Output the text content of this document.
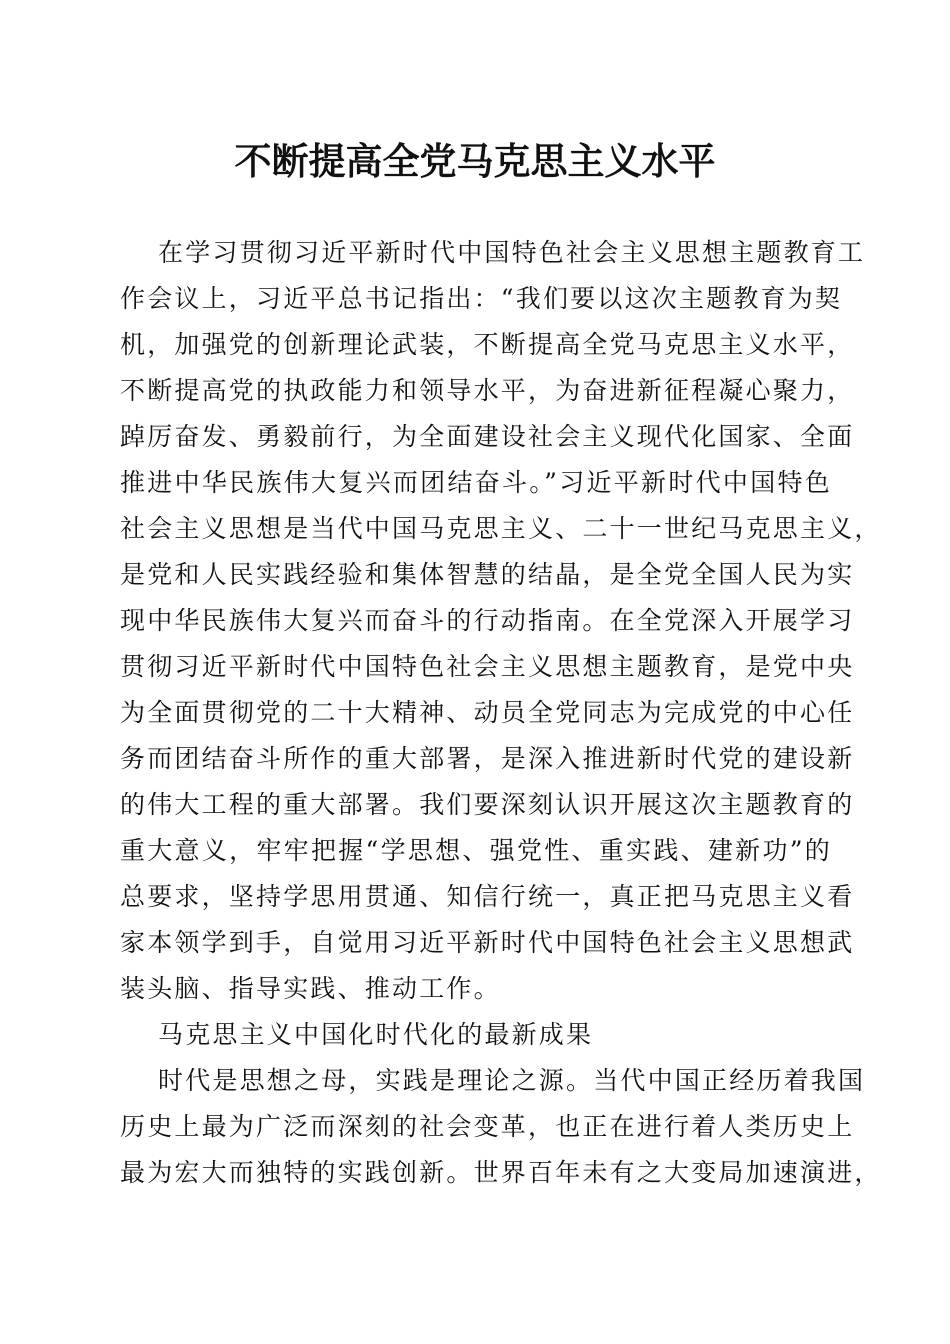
不断提高全党马克思主义水平
在学习贯彻习近平新时代中国特色社会主义思想主题教育工
作会议上，习近平总书记指出：“我们要以这次主题教育为契
机，加强党的创新理论武装，不断提高全党马克思主义水平，
不断提高党的执政能力和领导水平，为奋进新征程凝心聚力，
踔厉奋发、勇毅前行，为全面建设社会主义现代化国家、全面
推进中华民族伟大复兴而团结奋斗。”习近平新时代中国特色
社会主义思想是当代中国马克思主义、二十一世纪马克思主义，
是党和人民实践经验和集体智慧的结晶，是全党全国人民为实
现中华民族伟大复兴而奋斗的行动指南。在全党深入开展学习
贯彻习近平新时代中国特色社会主义思想主题教育，是党中央
为全面贯彻党的二十大精神、动员全党同志为完成党的中心任
务而团结奋斗所作的重大部署，是深入推进新时代党的建设新
的伟大工程的重大部署。我们要深刻认识开展这次主题教育的
重大意义，牢牢把握“学思想、强党性、重实践、建新功”的
总要求，坚持学思用贯通、知信行统一，真正把马克思主义看
家本领学到手，自觉用习近平新时代中国特色社会主义思想武
装头脑、指导实践、推动工作。
马克思主义中国化时代化的最新成果
时代是思想之母，实践是理论之源。当代中国正经历着我国
历史上最为广泛而深刻的社会变革，也正在进行着人类历史上
最为宏大而独特的实践创新。世界百年未有之大变局加速演进，
